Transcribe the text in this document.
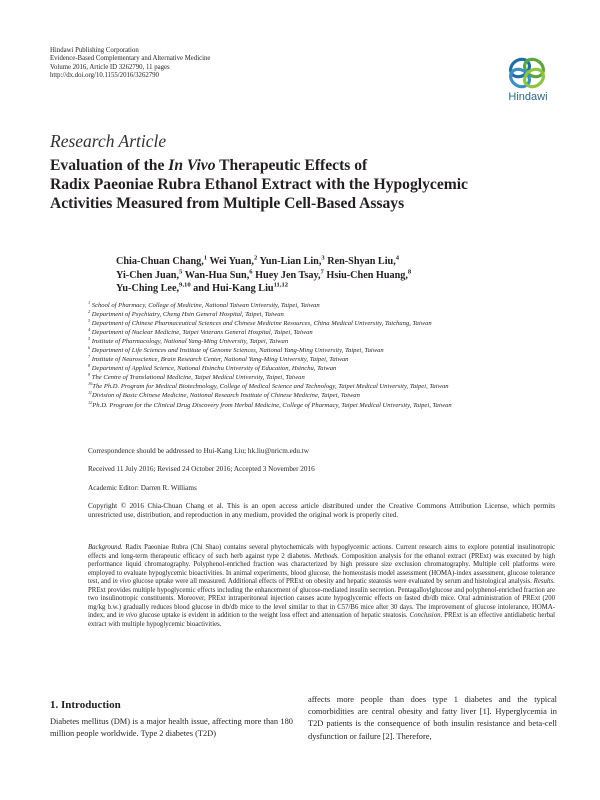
Hindawi Publishing Corporation
Evidence-Based Complementary and Alternative Medicine
Volume 2016, Article ID 3262790, 11 pages
http://dx.doi.org/10.1155/2016/3262790
Hindawi
Research Article
Evaluation of the In Vivo Therapeutic Effects of
Radix Paeoniae Rubra Ethanol Extract with the Hypoglycemic
Activities Measured from Multiple Cell-Based Assays
Chia-Chuan Chang,$^1$ Wei Yuan,$^2$ Yun-Lian Lin,$^3$ Ren-Shyan Liu,$^4$
Yi-Chen Juan,$^5$ Wan-Hua Sun,$^6$ Huey Jen Tsay,$^7$ Hsiu-Chen Huang,$^8$
Yu-Ching Lee,$^{9,10}$ and Hui-Kang Liu$^{11,12}$
$^1$ School of Pharmacy, College of Medicine, National Taiwan University, Taipei, Taiwan
$^2$ Department of Psychiatry, Cheng Hsin General Hospital, Taipei, Taiwan
$^3$ Department of Chinese Pharmaceutical Sciences and Chinese Medicine Resources, China Medical University, Taichung, Taiwan
$^4$ Department of Nuclear Medicine, Taipei Veterans General Hospital, Taipei, Taiwan
$^5$ Institute of Pharmacology, National Yang-Ming University, Taipei, Taiwan
$^6$ Department of Life Sciences and Institute of Genome Sciences, National Yang-Ming University, Taipei, Taiwan
$^7$ Institute of Neuroscience, Brain Research Center, National Yang-Ming University, Taipei, Taiwan
$^8$ Department of Applied Science, National Hsinchu University of Education, Hsinchu, Taiwan
$^9$ The Centre of Translational Medicine, Taipei Medical University, Taipei, Taiwan
$^{10}$The Ph.D. Program for Medical Biotechnology, College of Medical Science and Technology, Taipei Medical University, Taipei, Taiwan
$^{11}$Division of Basic Chinese Medicine, National Research Institute of Chinese Medicine, Taipei, Taiwan
$^{12}$Ph.D. Program for the Clinical Drug Discovery from Herbal Medicine, College of Pharmacy, Taipei Medical University, Taipei, Taiwan
Correspondence should be addressed to Hui-Kang Liu; hk.liu@nricm.edu.tw
Received 11 July 2016; Revised 24 October 2016; Accepted 3 November 2016
Academic Editor: Darren R. Williams
Copyright © 2016 Chia-Chuan Chang et al. This is an open access article distributed under the Creative Commons Attribution License, which permits unrestricted use, distribution, and reproduction in any medium, provided the original work is properly cited.
Background. Radix Paeoniae Rubra (Chi Shao) contains several phytochemicals with hypoglycemic actions. Current research aims to explore potential insulinotropic effects and long-term therapeutic efficacy of such herb against type 2 diabetes. Methods. Composition analysis for the ethanol extract (PRExt) was executed by high performance liquid chromatography. Polyphenol-enriched fraction was characterized by high pressure size exclusion chromatography. Multiple cell platforms were employed to evaluate hypoglycemic bioactivities. In animal experiments, blood glucose, the homeostasis model assessment (HOMA)-index assessment, glucose tolerance test, and in vivo glucose uptake were all measured. Additional effects of PRExt on obesity and hepatic steatosis were evaluated by serum and histological analysis. Results. PRExt provides multiple hypoglycemic effects including the enhancement of glucose-mediated insulin secretion. Pentagalloylglucose and polyphenol-enriched fraction are two insulinotropic constituents. Moreover, PRExt intraperitoneal injection causes acute hypoglycemic effects on fasted db/db mice. Oral administration of PRExt (200 mg/kg b.w.) gradually reduces blood glucose in db/db mice to the level similar to that in C57/B6 mice after 30 days. The improvement of glucose intolerance, HOMA-index, and in vivo glucose uptake is evident in addition to the weight loss effect and attenuation of hepatic steatosis. Conclusion. PRExt is an effective antidiabetic herbal extract with multiple hypoglycemic bioactivities.
1. Introduction
Diabetes mellitus (DM) is a major health issue, affecting more than 180 million people worldwide. Type 2 diabetes (T2D)
affects more people than does type 1 diabetes and the typical comorbidities are central obesity and fatty liver [1]. Hyperglycemia in T2D patients is the consequence of both insulin resistance and beta-cell dysfunction or failure [2]. Therefore,
